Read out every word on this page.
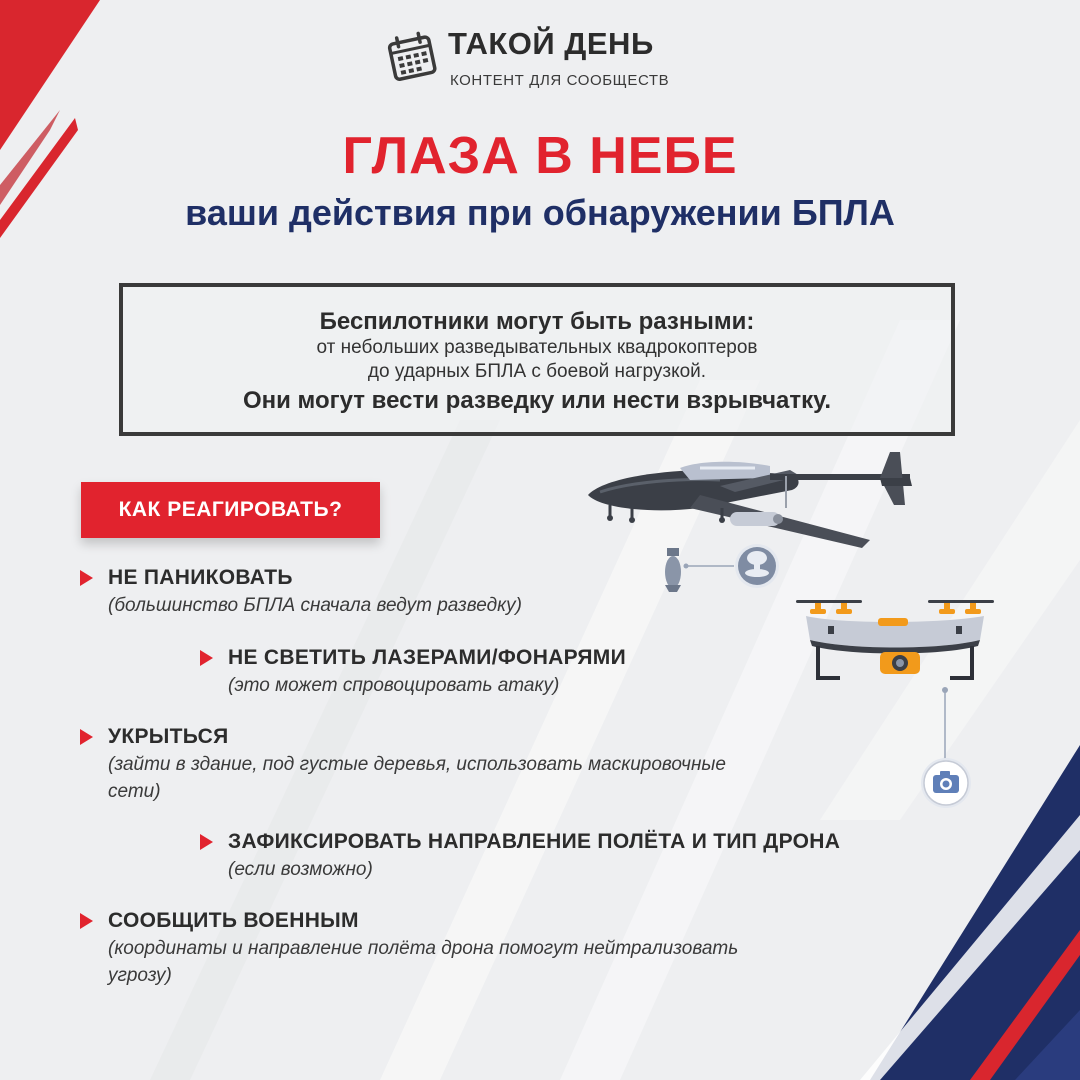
ТАКОЙ ДЕНЬ
КОНТЕНТ ДЛЯ СООБЩЕСТВ
ГЛАЗА В НЕБЕ
ваши действия при обнаружении БПЛА
Беспилотники могут быть разными:
от небольших разведывательных квадрокоптеров
до ударных БПЛА с боевой нагрузкой.
Они могут вести разведку или нести взрывчатку.
КАК РЕАГИРОВАТЬ?
НЕ ПАНИКОВАТЬ
(большинство БПЛА сначала ведут разведку)
НЕ СВЕТИТЬ ЛАЗЕРАМИ/ФОНАРЯМИ
(это может спровоцировать атаку)
УКРЫТЬСЯ
(зайти в здание, под густые деревья, использовать маскировочные сети)
ЗАФИКСИРОВАТЬ НАПРАВЛЕНИЕ ПОЛЁТА И ТИП ДРОНА
(если возможно)
СООБЩИТЬ ВОЕННЫМ
(координаты и направление полёта дрона помогут нейтрализовать угрозу)
